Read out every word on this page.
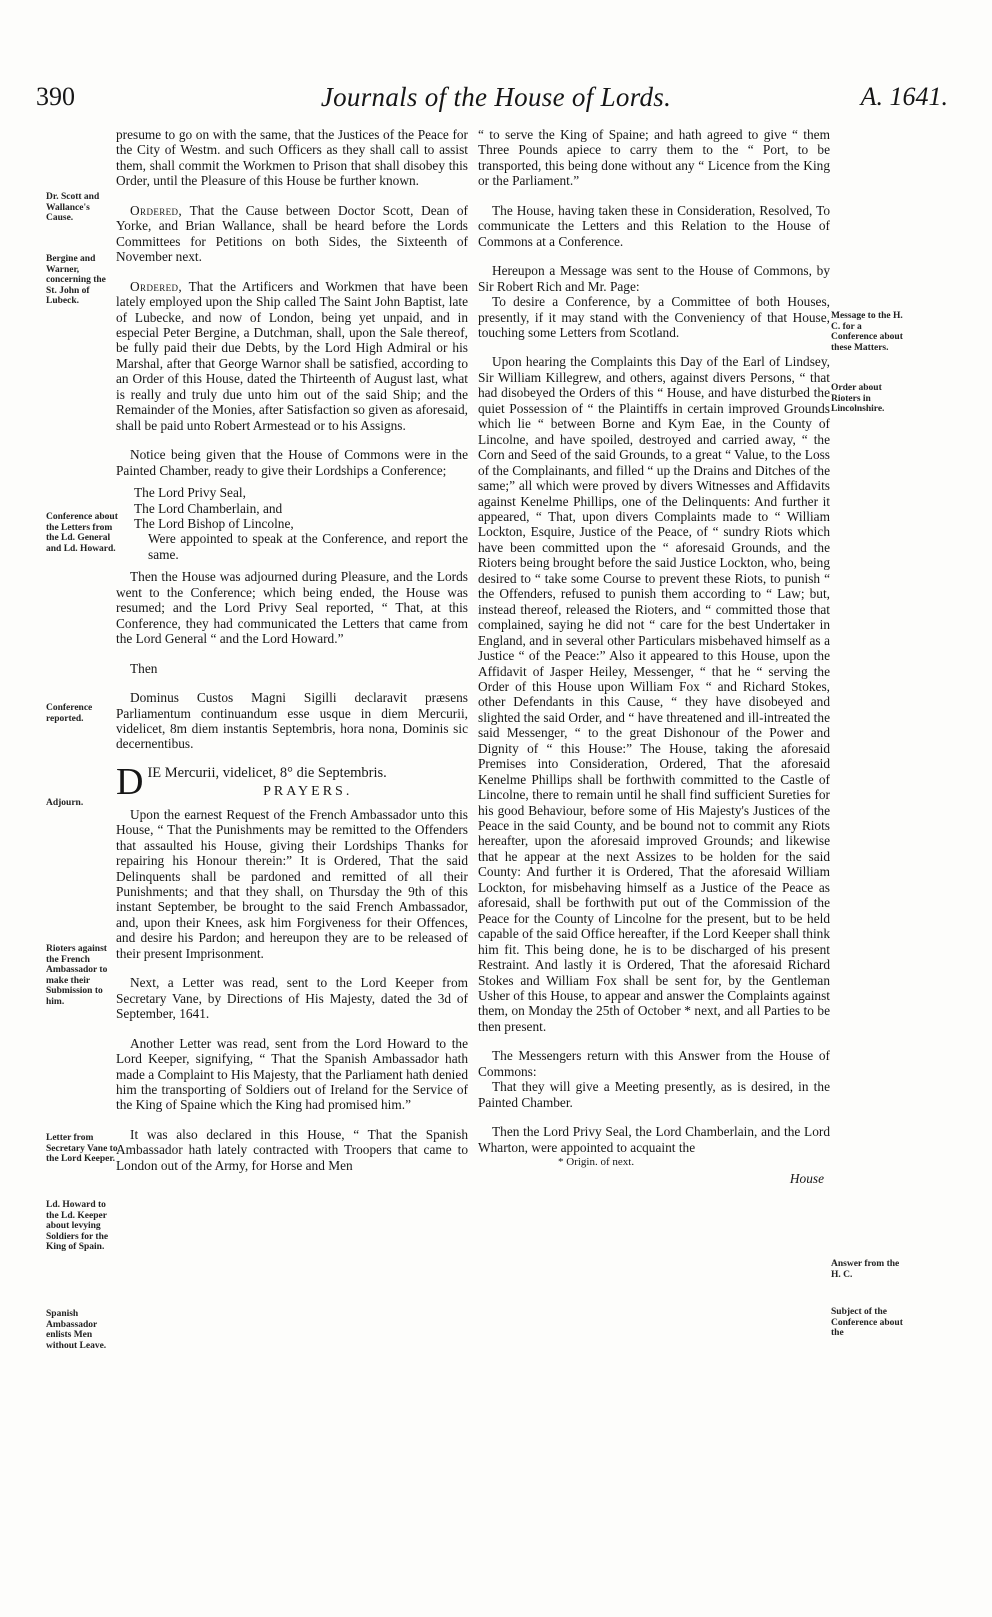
390	Journals of the House of Lords.	A. 1641.
Dr. Scott and Wallance's Cause.
Bergine and Warner, concerning the St. John of Lubeck.
Conference about the Letters from the Ld. General and Ld. Howard.
Conference reported.
Adjourn.
Rioters against the French Ambassador to make their Submission to him.
Letter from Secretary Vane to the Lord Keeper.
Ld. Howard to the Ld. Keeper about levying Soldiers for the King of Spain.
Spanish Ambassador enlists Men without Leave.
Message to the H. C. for a Conference about these Matters.
Order about Rioters in Lincolnshire.
Answer from the H. C.
Subject of the Conference about the

presume to go on with the same, that the Justices of the Peace for the City of Westm. and such Officers as they shall call to assist them, shall commit the Workmen to Prison that shall disobey this Order, until the Pleasure of this House be further known.

Ordered, That the Cause between Doctor Scott, Dean of Yorke, and Brian Wallance, shall be heard before the Lords Committees for Petitions on both Sides, the Sixteenth of November next.

Ordered, That the Artificers and Workmen that have been lately employed upon the Ship called The Saint John Baptist, late of Lubecke, and now of London, being yet unpaid, and in especial Peter Bergine, a Dutchman, shall, upon the Sale thereof, be fully paid their due Debts, by the Lord High Admiral or his Marshal, after that George Warnor shall be satisfied, according to an Order of this House, dated the Thirteenth of August last, what is really and truly due unto him out of the said Ship; and the Remainder of the Monies, after Satisfaction so given as aforesaid, shall be paid unto Robert Armestead or to his Assigns.

Notice being given that the House of Commons were in the Painted Chamber, ready to give their Lordships a Conference;

The Lord Privy Seal,

The Lord Chamberlain, and

The Lord Bishop of Lincolne,

Were appointed to speak at the Conference, and report the same.

Then the House was adjourned during Pleasure, and the Lords went to the Conference; which being ended, the House was resumed; and the Lord Privy Seal reported, “ That, at this Conference, they had communicated the Letters that came from the Lord General “ and the Lord Howard.”

Then

Dominus Custos Magni Sigilli declaravit præsens Parliamentum continuandum esse usque in diem Mercurii, videlicet, 8m diem instantis Septembris, hora nona, Dominis sic decernentibus.

DIE Mercurii, videlicet, 8° die Septembris.

PRAYERS.

Upon the earnest Request of the French Ambassador unto this House, “ That the Punishments may be remitted to the Offenders that assaulted his House, giving their Lordships Thanks for repairing his Honour therein:” It is Ordered, That the said Delinquents shall be pardoned and remitted of all their Punishments; and that they shall, on Thursday the 9th of this instant September, be brought to the said French Ambassador, and, upon their Knees, ask him Forgiveness for their Offences, and desire his Pardon; and hereupon they are to be released of their present Imprisonment.

Next, a Letter was read, sent to the Lord Keeper from Secretary Vane, by Directions of His Majesty, dated the 3d of September, 1641.

Another Letter was read, sent from the Lord Howard to the Lord Keeper, signifying, “ That the Spanish Ambassador hath made a Complaint to His Majesty, that the Parliament hath denied him the transporting of Soldiers out of Ireland for the Service of the King of Spaine which the King had promised him.”

It was also declared in this House, “ That the Spanish Ambassador hath lately contracted with Troopers that came to London out of the Army, for Horse and Men

“ to serve the King of Spaine; and hath agreed to give “ them Three Pounds apiece to carry them to the “ Port, to be transported, this being done without any “ Licence from the King or the Parliament.”

The House, having taken these in Consideration, Resolved, To communicate the Letters and this Relation to the House of Commons at a Conference.

Hereupon a Message was sent to the House of Commons, by Sir Robert Rich and Mr. Page:

To desire a Conference, by a Committee of both Houses, presently, if it may stand with the Conveniency of that House, touching some Letters from Scotland.

Upon hearing the Complaints this Day of the Earl of Lindsey, Sir William Killegrew, and others, against divers Persons, “ that had disobeyed the Orders of this “ House, and have disturbed the quiet Possession of “ the Plaintiffs in certain improved Grounds which lie “ between Borne and Kym Eae, in the County of Lincolne, and have spoiled, destroyed and carried away, “ the Corn and Seed of the said Grounds, to a great “ Value, to the Loss of the Complainants, and filled “ up the Drains and Ditches of the same;” all which were proved by divers Witnesses and Affidavits against Kenelme Phillips, one of the Delinquents: And further it appeared, “ That, upon divers Complaints made to “ William Lockton, Esquire, Justice of the Peace, of “ sundry Riots which have been committed upon the “ aforesaid Grounds, and the Rioters being brought before the said Justice Lockton, who, being desired to “ take some Course to prevent these Riots, to punish “ the Offenders, refused to punish them according to “ Law; but, instead thereof, released the Rioters, and “ committed those that complained, saying he did not “ care for the best Undertaker in England, and in several other Particulars misbehaved himself as a Justice “ of the Peace:” Also it appeared to this House, upon the Affidavit of Jasper Heiley, Messenger, “ that he “ serving the Order of this House upon William Fox “ and Richard Stokes, other Defendants in this Cause, “ they have disobeyed and slighted the said Order, and “ have threatened and ill-intreated the said Messenger, “ to the great Dishonour of the Power and Dignity of “ this House:” The House, taking the aforesaid Premises into Consideration, Ordered, That the aforesaid Kenelme Phillips shall be forthwith committed to the Castle of Lincolne, there to remain until he shall find sufficient Sureties for his good Behaviour, before some of His Majesty's Justices of the Peace in the said County, and be bound not to commit any Riots hereafter, upon the aforesaid improved Grounds; and likewise that he appear at the next Assizes to be holden for the said County: And further it is Ordered, That the aforesaid William Lockton, for misbehaving himself as a Justice of the Peace as aforesaid, shall be forthwith put out of the Commission of the Peace for the County of Lincolne for the present, but to be held capable of the said Office hereafter, if the Lord Keeper shall think him fit. This being done, he is to be discharged of his present Restraint. And lastly it is Ordered, That the aforesaid Richard Stokes and William Fox shall be sent for, by the Gentleman Usher of this House, to appear and answer the Complaints against them, on Monday the 25th of October * next, and all Parties to be then present.

The Messengers return with this Answer from the House of Commons:

That they will give a Meeting presently, as is desired, in the Painted Chamber.

Then the Lord Privy Seal, the Lord Chamberlain, and the Lord Wharton, were appointed to acquaint the

* Origin. of next.

House
